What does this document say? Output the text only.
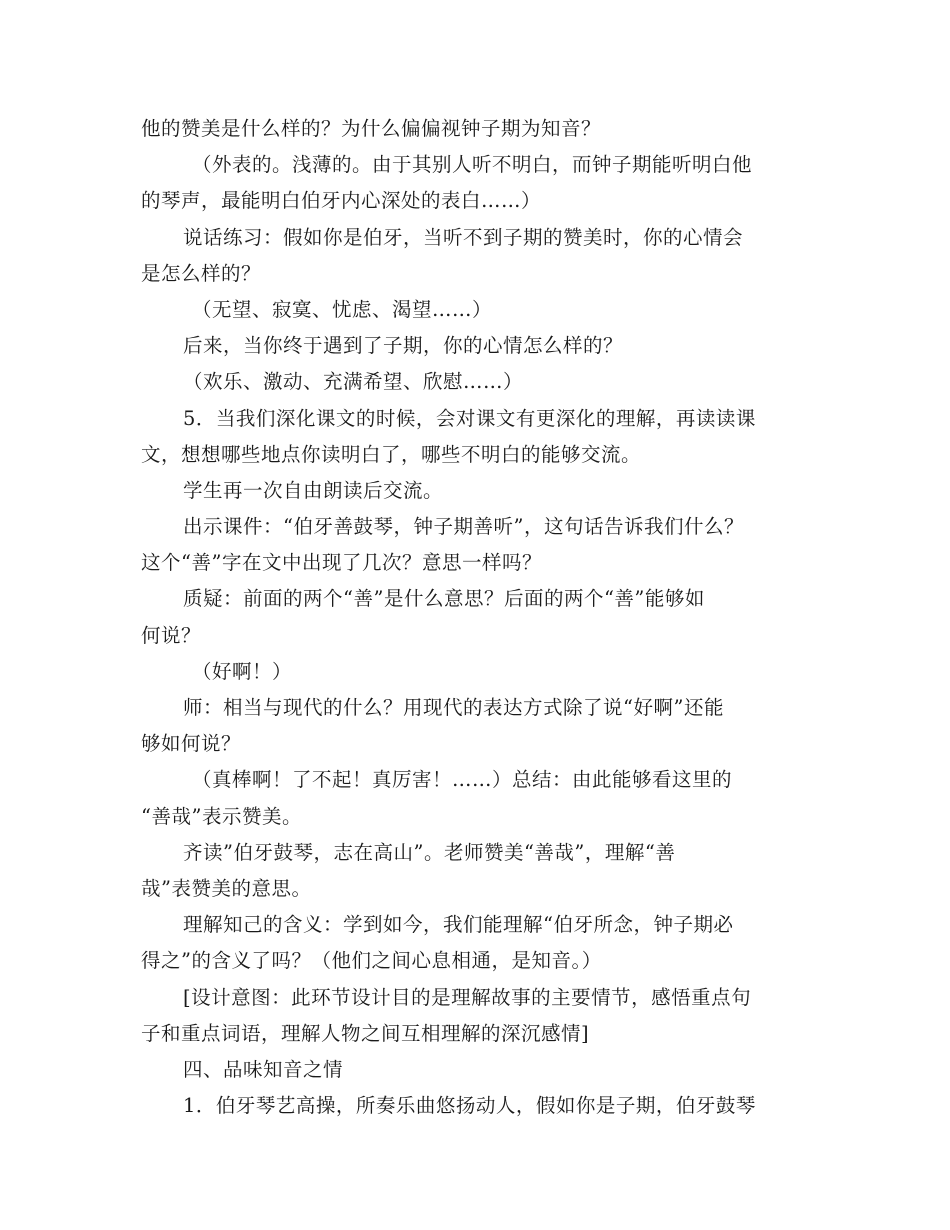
他的赞美是什么样的？为什么偏偏视钟子期为知音？
（外表的。浅薄的。由于其别人听不明白，而钟子期能听明白他
的琴声，最能明白伯牙内心深处的表白……）
说话练习：假如你是伯牙，当听不到子期的赞美时，你的心情会
是怎么样的？
（无望、寂寞、忧虑、渴望……）
后来，当你终于遇到了子期，你的心情怎么样的？
（欢乐、激动、充满希望、欣慰……）
5．当我们深化课文的时候，会对课文有更深化的理解，再读读课
文，想想哪些地点你读明白了，哪些不明白的能够交流。
学生再一次自由朗读后交流。
出示课件：“伯牙善鼓琴，钟子期善听”，这句话告诉我们什么？
这个“善”字在文中出现了几次？意思一样吗？
质疑：前面的两个“善”是什么意思？后面的两个“善”能够如
何说？
（好啊！）
师：相当与现代的什么？用现代的表达方式除了说“好啊”还能
够如何说？
（真棒啊！了不起！真厉害！……）总结：由此能够看这里的
“善哉”表示赞美。
齐读”伯牙鼓琴，志在高山”。老师赞美“善哉”，理解“善
哉”表赞美的意思。
理解知己的含义：学到如今，我们能理解“伯牙所念，钟子期必
得之”的含义了吗？（他们之间心息相通，是知音。）
[设计意图：此环节设计目的是理解故事的主要情节，感悟重点句
子和重点词语，理解人物之间互相理解的深沉感情]
四、品味知音之情
1．伯牙琴艺高操，所奏乐曲悠扬动人，假如你是子期，伯牙鼓琴
